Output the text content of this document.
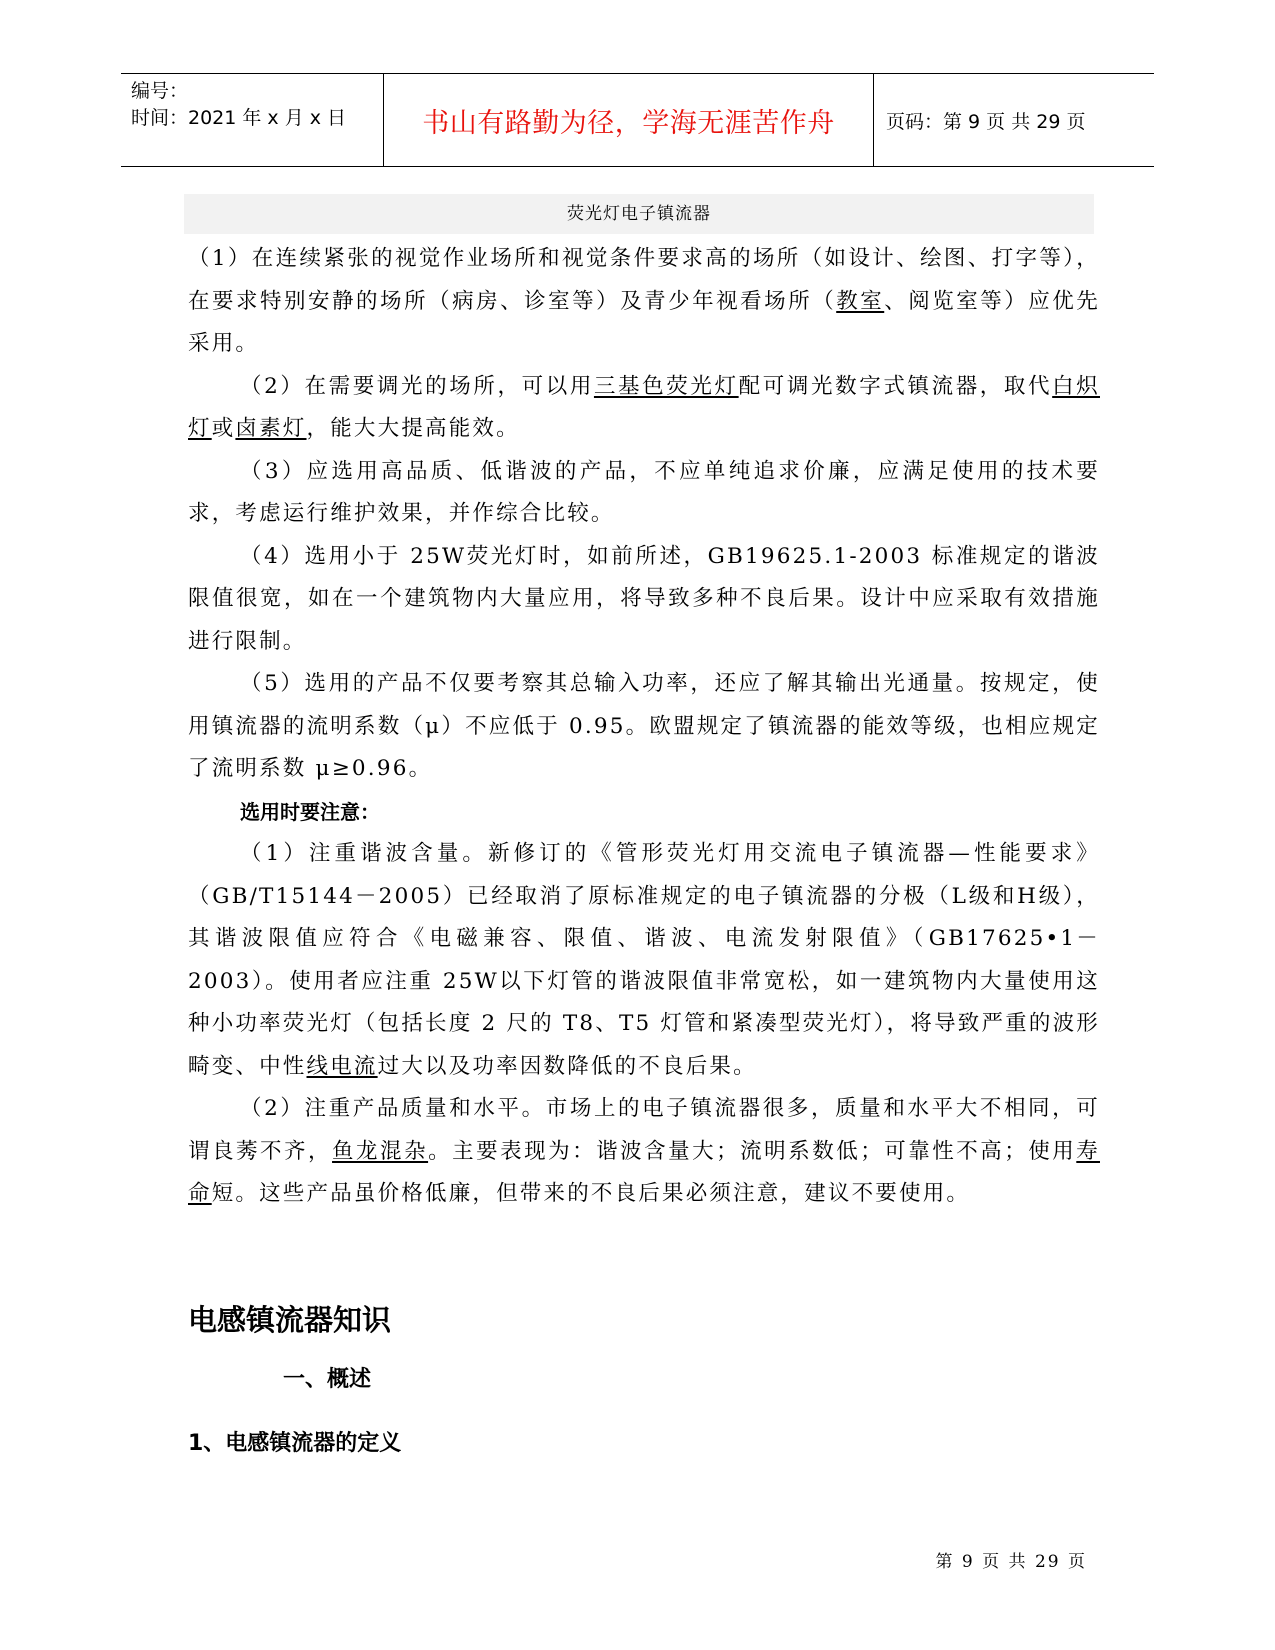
编号：
时间：2021 年 x 月 x 日	书山有路勤为径，学海无涯苦作舟	页码：第 9 页 共 29 页
荧光灯电子镇流器

（1）在连续紧张的视觉作业场所和视觉条件要求高的场所（如设计、绘图、打字等），在要求特别安静的场所（病房、诊室等）及青少年视看场所（教室、阅览室等）应优先采用。

（2）在需要调光的场所，可以用三基色荧光灯配可调光数字式镇流器，取代白炽灯或卤素灯，能大大提高能效。

（3）应选用高品质、低谐波的产品，不应单纯追求价廉，应满足使用的技术要求，考虑运行维护效果，并作综合比较。

（4）选用小于 25W荧光灯时，如前所述，GB19625.1-2003 标准规定的谐波限值很宽，如在一个建筑物内大量应用，将导致多种不良后果。设计中应采取有效措施进行限制。

（5）选用的产品不仅要考察其总输入功率，还应了解其输出光通量。按规定，使用镇流器的流明系数（μ）不应低于 0.95。欧盟规定了镇流器的能效等级，也相应规定了流明系数 μ≥0.96。

选用时要注意：

（1）注重谐波含量。新修订的《管形荧光灯用交流电子镇流器—性能要求》（GB/T15144－2005）已经取消了原标准规定的电子镇流器的分极（L级和H级），其谐波限值应符合《电磁兼容、限值、谐波、电流发射限值》（GB17625•1－2003）。使用者应注重 25W以下灯管的谐波限值非常宽松，如一建筑物内大量使用这种小功率荧光灯（包括长度 2 尺的 T8、T5 灯管和紧凑型荧光灯），将导致严重的波形畸变、中性线电流过大以及功率因数降低的不良后果。

（2）注重产品质量和水平。市场上的电子镇流器很多，质量和水平大不相同，可谓良莠不齐，鱼龙混杂。主要表现为：谐波含量大；流明系数低；可靠性不高；使用寿命短。这些产品虽价格低廉，但带来的不良后果必须注意，建议不要使用。

电感镇流器知识
一、概述
1、电感镇流器的定义
第 9 页 共 29 页
